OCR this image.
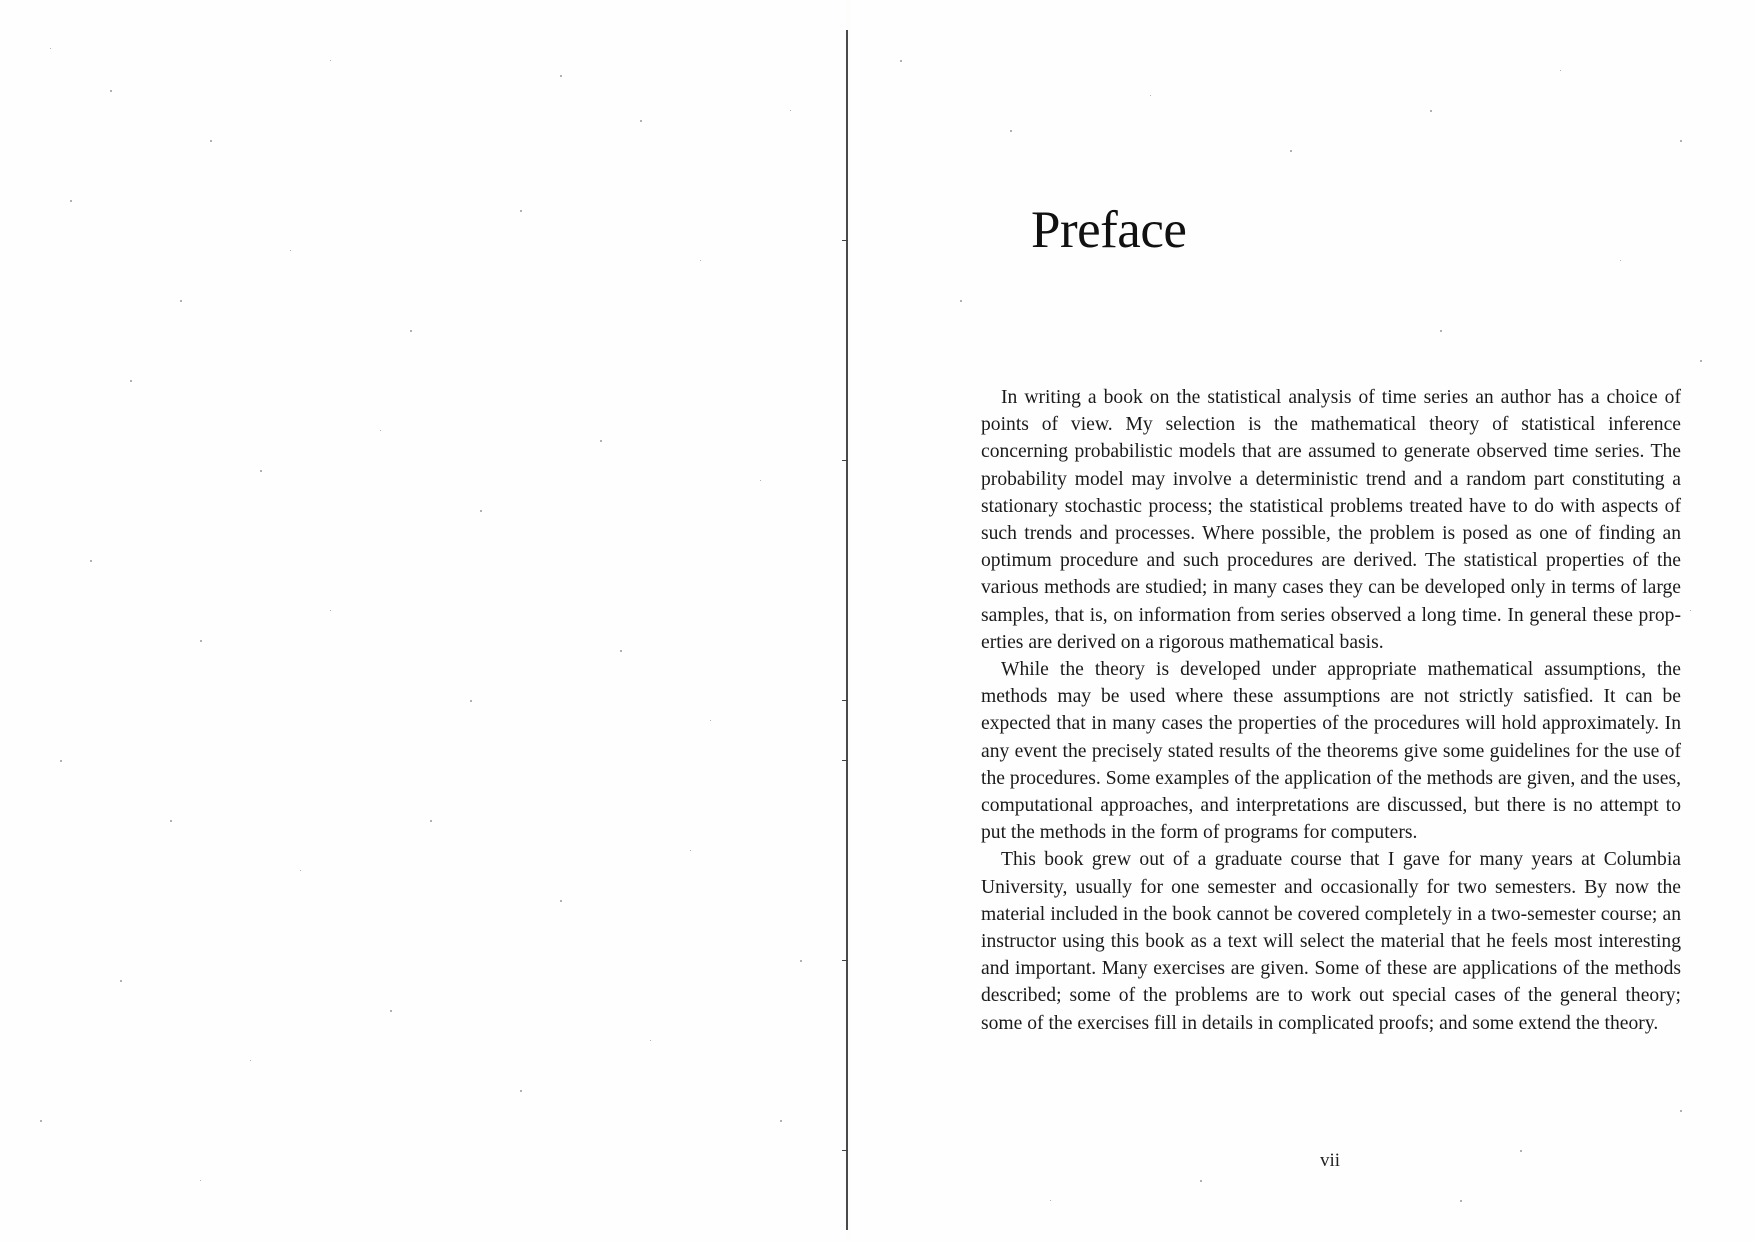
Preface

In writing a book on the statistical analysis of time series an author has a choice of points of view. My selection is the mathematical theory of statistical inference concerning probabilistic models that are assumed to generate observed time series. The probability model may involve a deterministic trend and a random part constituting a stationary stochastic process; the statistical problems treated have to do with aspects of such trends and processes. Where possible, the problem is posed as one of finding an optimum procedure and such procedures are derived. The statistical properties of the various methods are studied; in many cases they can be developed only in terms of large samples, that is, on information from series observed a long time. In general these properties are derived on a rigorous mathematical basis.

While the theory is developed under appropriate mathematical assumptions, the methods may be used where these assumptions are not strictly satisfied. It can be expected that in many cases the properties of the procedures will hold approximately. In any event the precisely stated results of the theorems give some guidelines for the use of the procedures. Some examples of the application of the methods are given, and the uses, computational approaches, and interpretations are discussed, but there is no attempt to put the methods in the form of programs for computers.

This book grew out of a graduate course that I gave for many years at Columbia University, usually for one semester and occasionally for two semesters. By now the material included in the book cannot be covered completely in a two-semester course; an instructor using this book as a text will select the material that he feels most interesting and important. Many exercises are given. Some of these are applications of the methods described; some of the problems are to work out special cases of the general theory; some of the exercises fill in details in complicated proofs; and some extend the theory.

vii
